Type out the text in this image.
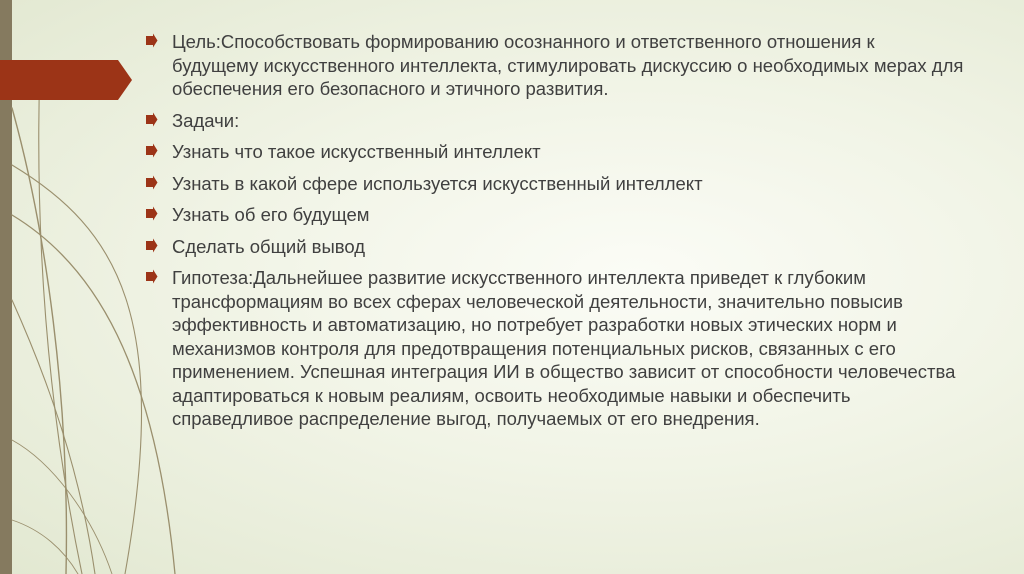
Цель:Способствовать формированию осознанного и ответственного отношения к будущему искусственного интеллекта, стимулировать дискуссию о необходимых мерах для обеспечения его безопасного и этичного развития.
Задачи:
Узнать что такое искусственный интеллект
Узнать в какой сфере используется искусственный интеллект
Узнать об его будущем
Сделать общий вывод
Гипотеза:Дальнейшее развитие искусственного интеллекта приведет к глубоким трансформациям во всех сферах человеческой деятельности, значительно повысив эффективность и автоматизацию, но потребует разработки новых этических норм и механизмов контроля для предотвращения потенциальных рисков, связанных с его применением. Успешная интеграция ИИ в общество зависит от способности человечества адаптироваться к новым реалиям, освоить необходимые навыки и обеспечить справедливое распределение выгод, получаемых от его внедрения.
